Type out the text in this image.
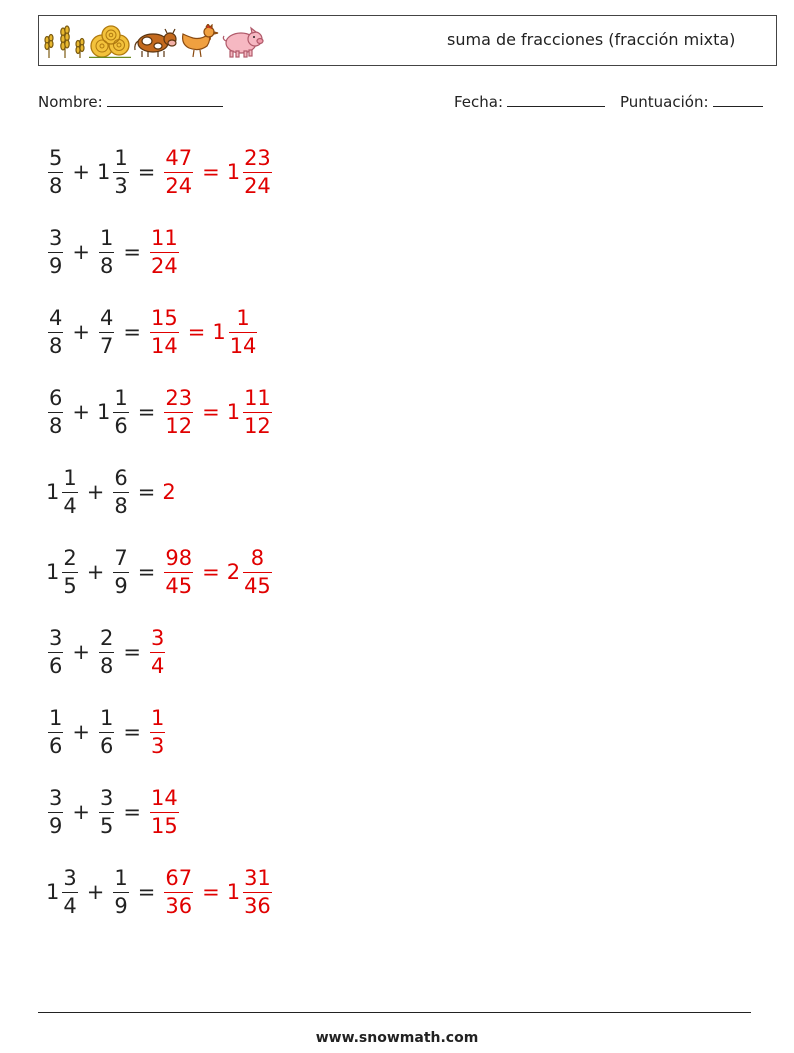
suma de fracciones (fracción mixta)
Nombre:	Fecha:	Puntuación:
$\frac{5}{8} + 1 \frac{1}{3} = \frac{47}{24} = 1 \frac{23}{24}$
$\frac{3}{9} + \frac{1}{8} = \frac{11}{24}$
$\frac{4}{8} + \frac{4}{7} = \frac{15}{14} = 1 \frac{1}{14}$
$\frac{6}{8} + 1 \frac{1}{6} = \frac{23}{12} = 1 \frac{11}{12}$
$1 \frac{1}{4} + \frac{6}{8} = 2$
$1 \frac{2}{5} + \frac{7}{9} = \frac{98}{45} = 2 \frac{8}{45}$
$\frac{3}{6} + \frac{2}{8} = \frac{3}{4}$
$\frac{1}{6} + \frac{1}{6} = \frac{1}{3}$
$\frac{3}{9} + \frac{3}{5} = \frac{14}{15}$
$1 \frac{3}{4} + \frac{1}{9} = \frac{67}{36} = 1 \frac{31}{36}$
www.snowmath.com
